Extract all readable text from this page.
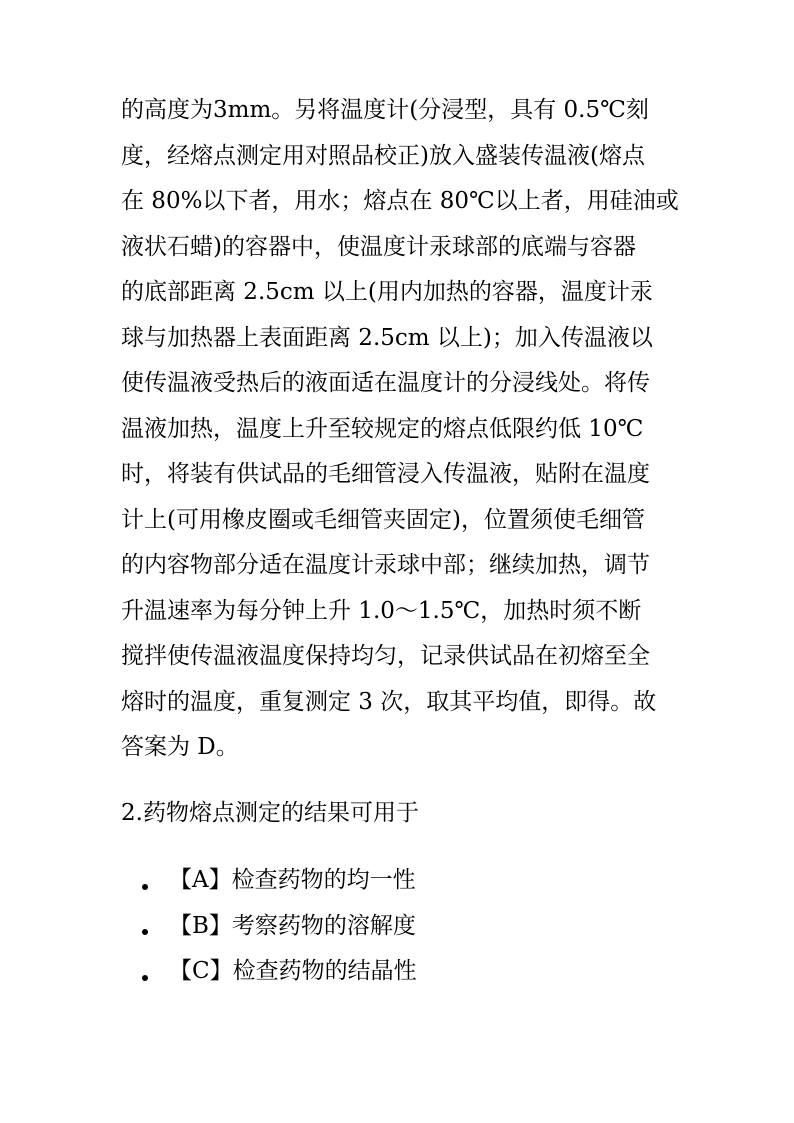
的高度为3mm。另将温度计(分浸型，具有 0.5℃刻
度，经熔点测定用对照品校正)放入盛装传温液(熔点
在 80%以下者，用水；熔点在 80℃以上者，用硅油或
液状石蜡)的容器中，使温度计汞球部的底端与容器
的底部距离 2.5cm 以上(用内加热的容器，温度计汞
球与加热器上表面距离 2.5cm 以上)；加入传温液以
使传温液受热后的液面适在温度计的分浸线处。将传
温液加热，温度上升至较规定的熔点低限约低 10℃
时，将装有供试品的毛细管浸入传温液，贴附在温度
计上(可用橡皮圈或毛细管夹固定)，位置须使毛细管
的内容物部分适在温度计汞球中部；继续加热，调节
升温速率为每分钟上升 1.0～1.5℃，加热时须不断
搅拌使传温液温度保持均匀，记录供试品在初熔至全
熔时的温度，重复测定 3 次，取其平均值，即得。故
答案为 D。
2.药物熔点测定的结果可用于
【A】检查药物的均一性
【B】考察药物的溶解度
【C】检查药物的结晶性
